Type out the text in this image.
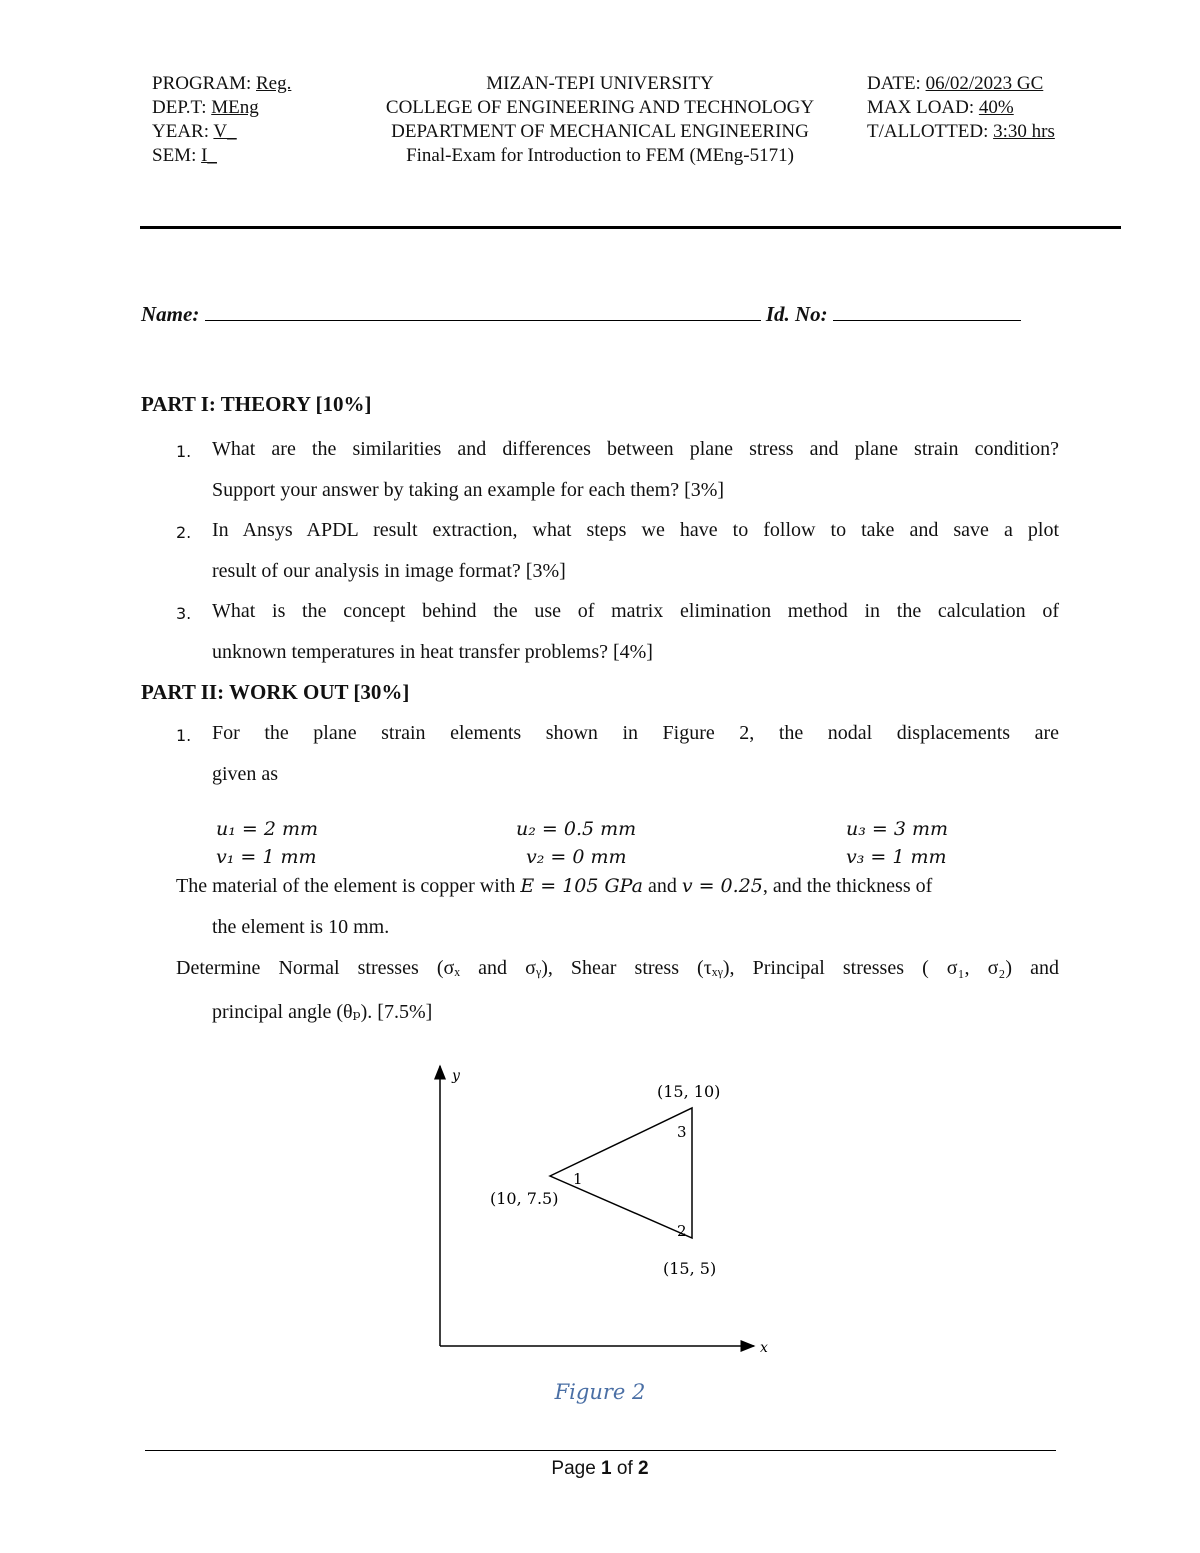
PROGRAM: Reg.
DEP.T: MEng
YEAR: V_
SEM: I_
MIZAN-TEPI UNIVERSITY
COLLEGE OF ENGINEERING AND TECHNOLOGY
DEPARTMENT OF MECHANICAL ENGINEERING
Final-Exam for Introduction to FEM (MEng-5171)
DATE: 06/02/2023 GC
MAX LOAD: 40%
T/ALLOTTED: 3:30 hrs
Name:	Id. No:
PART I: THEORY [10%]
1. What are the similarities and differences between plane stress and plane strain condition?
Support your answer by taking an example for each them? [3%]
2. In Ansys APDL result extraction, what steps we have to follow to take and save a plot
result of our analysis in image format? [3%]
3. What is the concept behind the use of matrix elimination method in the calculation of
unknown temperatures in heat transfer problems? [4%]
PART II: WORK OUT [30%]
1. For the plane strain elements shown in Figure 2, the nodal displacements are
given as
u₁ = 2 mm	u₂ = 0.5 mm	u₃ = 3 mm
v₁ = 1 mm	v₂ = 0 mm	v₃ = 1 mm
The material of the element is copper with E = 105 GPa and v = 0.25, and the thickness of
the element is 10 mm.
Determine Normal stresses (σₓ and σᵧ), Shear stress (τₓᵧ), Principal stresses ( σ₁, σ₂) and
principal angle (θₚ). [7.5%]
y
x
1
2
3
(10, 7.5)
(15, 5)
(15, 10)
Figure 2
Page 1 of 2
